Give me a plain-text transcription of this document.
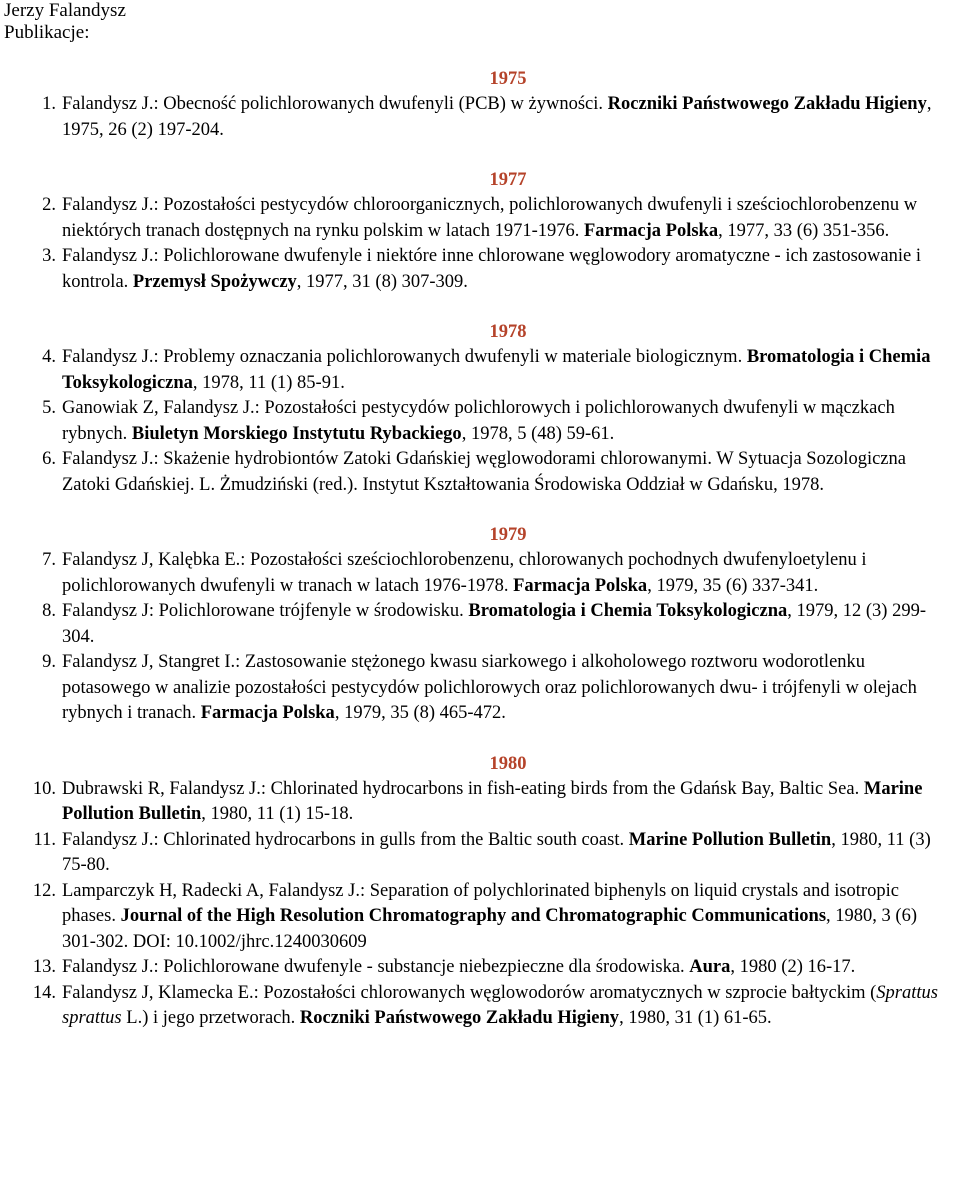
Jerzy Falandysz
Publikacje:
1975
1. Falandysz J.: Obecność polichlorowanych dwufenyli (PCB) w żywności. Roczniki Państwowego Zakładu Higieny, 1975, 26 (2) 197-204.
1977
2. Falandysz J.: Pozostałości pestycydów chloroorganicznych, polichlorowanych dwufenyli i sześciochlorobenzenu w niektórych tranach dostępnych na rynku polskim w latach 1971-1976. Farmacja Polska, 1977, 33 (6) 351-356.
3. Falandysz J.: Polichlorowane dwufenyle i niektóre inne chlorowane węglowodory aromatyczne - ich zastosowanie i kontrola. Przemysł Spożywczy, 1977, 31 (8) 307-309.
1978
4. Falandysz J.: Problemy oznaczania polichlorowanych dwufenyli w materiale biologicznym. Bromatologia i Chemia Toksykologiczna, 1978, 11 (1) 85-91.
5. Ganowiak Z, Falandysz J.: Pozostałości pestycydów polichlorowych i polichlorowanych dwufenyli w mączkach rybnych. Biuletyn Morskiego Instytutu Rybackiego, 1978, 5 (48) 59-61.
6. Falandysz J.: Skażenie hydrobiontów Zatoki Gdańskiej węglowodorami chlorowanymi. W Sytuacja Sozologiczna Zatoki Gdańskiej. L. Żmudziński (red.). Instytut Kształtowania Środowiska Oddział w Gdańsku, 1978.
1979
7. Falandysz J, Kalębka E.: Pozostałości sześciochlorobenzenu, chlorowanych pochodnych dwufenyloetylenu i polichlorowanych dwufenyli w tranach w latach 1976-1978. Farmacja Polska, 1979, 35 (6) 337-341.
8. Falandysz J: Polichlorowane trójfenyle w środowisku. Bromatologia i Chemia Toksykologiczna, 1979, 12 (3) 299-304.
9. Falandysz J, Stangret I.: Zastosowanie stężonego kwasu siarkowego i alkoholowego roztworu wodorotlenku potasowego w analizie pozostałości pestycydów polichlorowych oraz polichlorowanych dwu- i trójfenyli w olejach rybnych i tranach. Farmacja Polska, 1979, 35 (8) 465-472.
1980
10. Dubrawski R, Falandysz J.: Chlorinated hydrocarbons in fish-eating birds from the Gdańsk Bay, Baltic Sea. Marine Pollution Bulletin, 1980, 11 (1) 15-18.
11. Falandysz J.: Chlorinated hydrocarbons in gulls from the Baltic south coast. Marine Pollution Bulletin, 1980, 11 (3) 75-80.
12. Lamparczyk H, Radecki A, Falandysz J.: Separation of polychlorinated biphenyls on liquid crystals and isotropic phases. Journal of the High Resolution Chromatography and Chromatographic Communications, 1980, 3 (6) 301-302. DOI: 10.1002/jhrc.1240030609
13. Falandysz J.: Polichlorowane dwufenyle - substancje niebezpieczne dla środowiska. Aura, 1980 (2) 16-17.
14. Falandysz J, Klamecka E.: Pozostałości chlorowanych węglowodorów aromatycznych w szprocie bałtyckim (Sprattus sprattus L.) i jego przetworach. Roczniki Państwowego Zakładu Higieny, 1980, 31 (1) 61-65.
